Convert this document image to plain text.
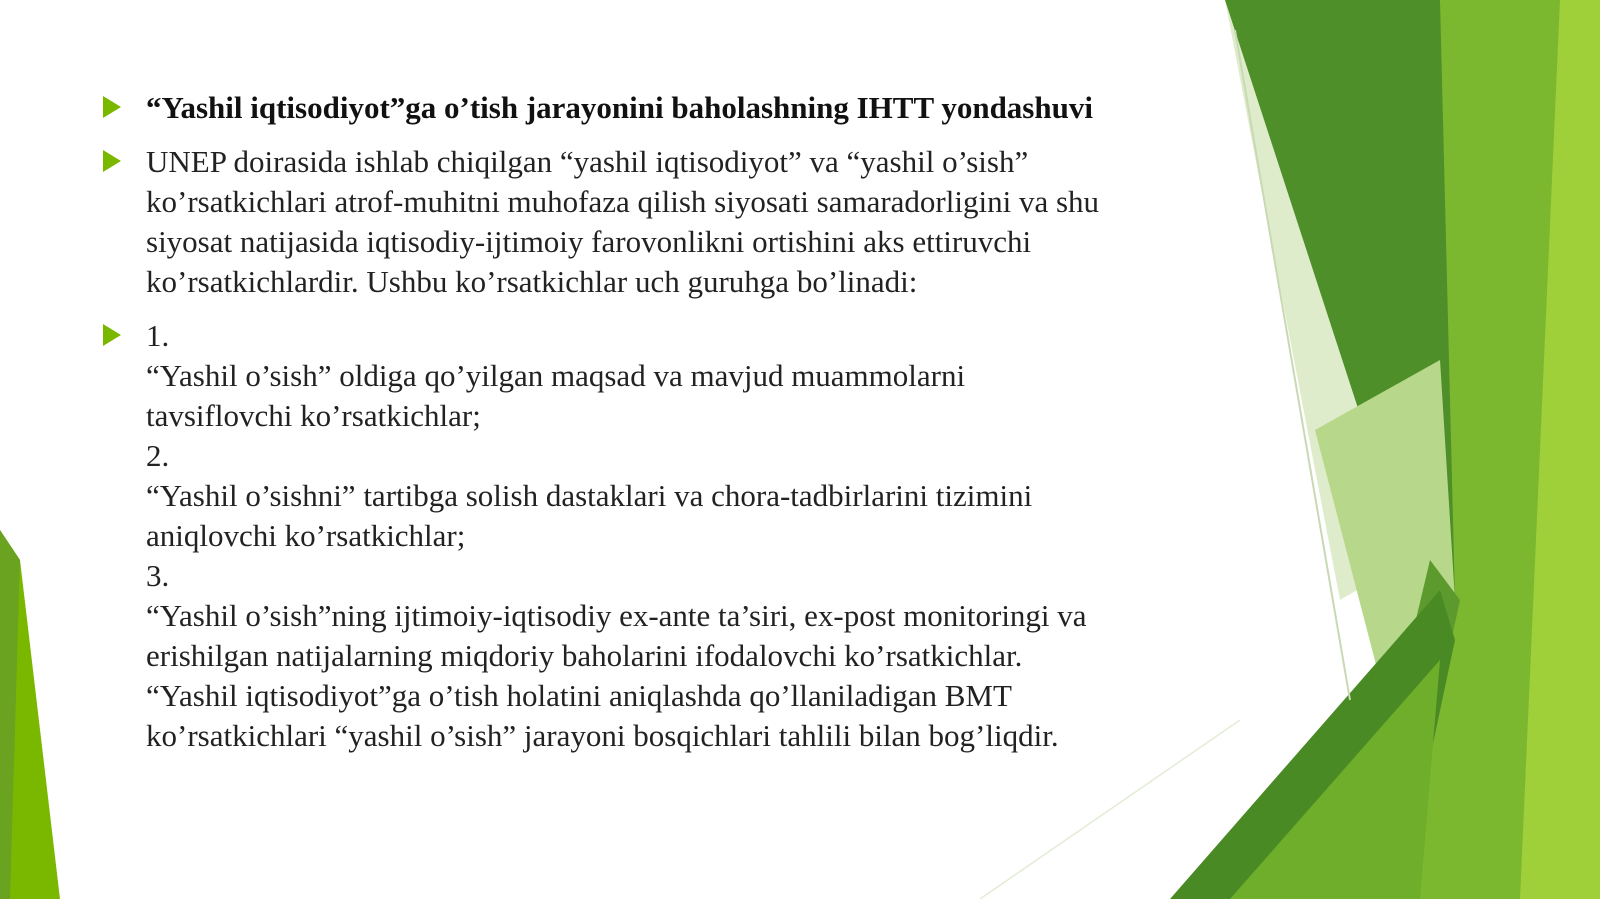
“Yashil iqtisodiyot”ga o’tish jarayonini baholashning IHTT yondashuvi
UNEP doirasida ishlab chiqilgan “yashil iqtisodiyot” va “yashil o’sish”
ko’rsatkichlari atrof-muhitni muhofaza qilish siyosati samaradorligini va shu
siyosat natijasida iqtisodiy-ijtimoiy farovonlikni ortishini aks ettiruvchi
ko’rsatkichlardir. Ushbu ko’rsatkichlar uch guruhga bo’linadi:
1.
“Yashil o’sish” oldiga qo’yilgan maqsad va mavjud muammolarni
tavsiflovchi ko’rsatkichlar;
2.
“Yashil o’sishni” tartibga solish dastaklari va chora-tadbirlarini tizimini
aniqlovchi ko’rsatkichlar;
3.
“Yashil o’sish”ning ijtimoiy-iqtisodiy ex-ante ta’siri, ex-post monitoringi va
erishilgan natijalarning miqdoriy baholarini ifodalovchi ko’rsatkichlar.
“Yashil iqtisodiyot”ga o’tish holatini aniqlashda qo’llaniladigan BMT
ko’rsatkichlari “yashil o’sish” jarayoni bosqichlari tahlili bilan bog’liqdir.
